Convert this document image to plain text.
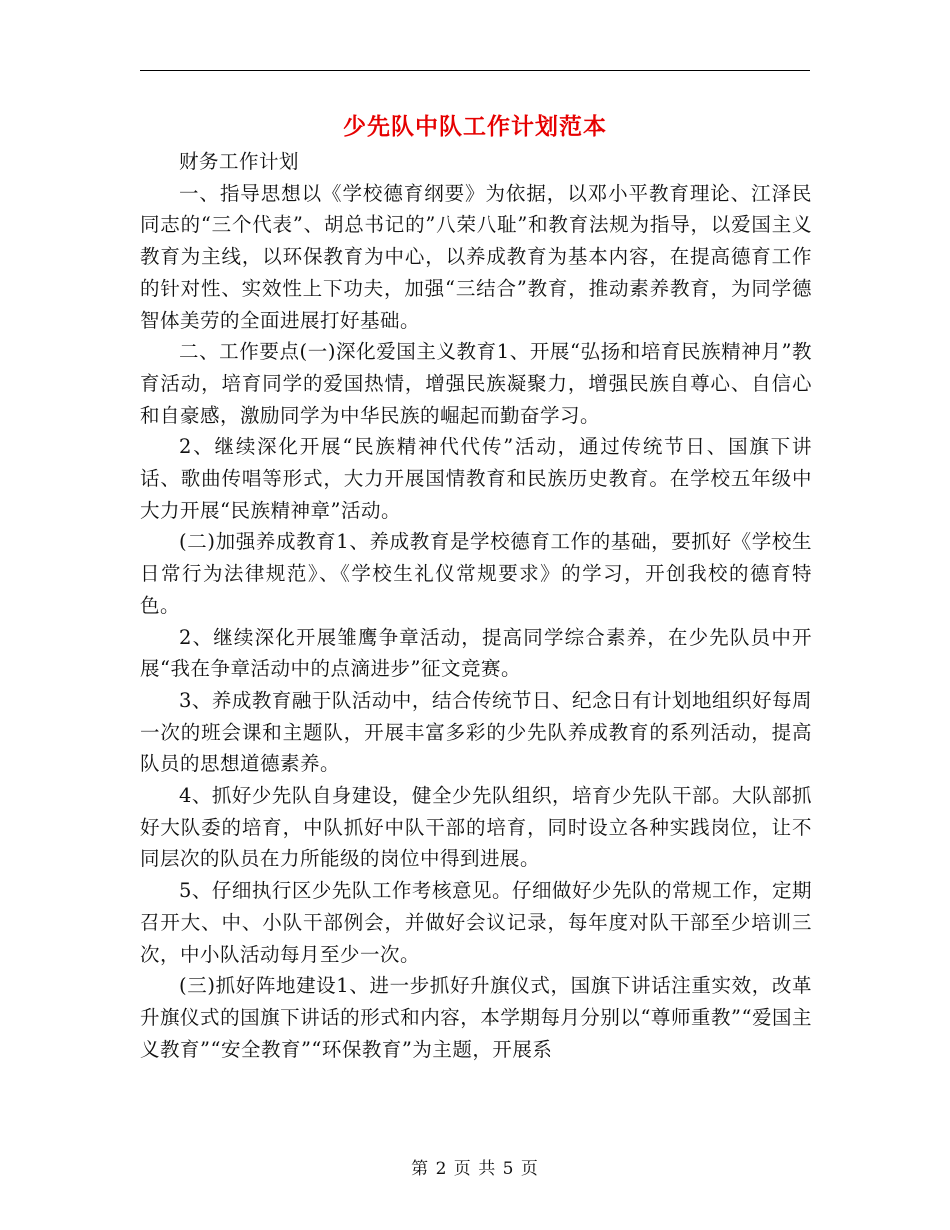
少先队中队工作计划范本

财务工作计划

一、指导思想以《学校德育纲要》为依据，以邓小平教育理论、江泽民同志的“三个代表”、胡总书记的”八荣八耻”和教育法规为指导，以爱国主义教育为主线，以环保教育为中心，以养成教育为基本内容，在提高德育工作的针对性、实效性上下功夫，加强“三结合”教育，推动素养教育，为同学德智体美劳的全面进展打好基础。

二、工作要点(一)深化爱国主义教育1、开展“弘扬和培育民族精神月”教育活动，培育同学的爱国热情，增强民族凝聚力，增强民族自尊心、自信心和自豪感，激励同学为中华民族的崛起而勤奋学习。

2、继续深化开展“民族精神代代传”活动，通过传统节日、国旗下讲话、歌曲传唱等形式，大力开展国情教育和民族历史教育。在学校五年级中大力开展“民族精神章”活动。

(二)加强养成教育1、养成教育是学校德育工作的基础，要抓好《学校生日常行为法律规范》、《学校生礼仪常规要求》的学习，开创我校的德育特色。

2、继续深化开展雏鹰争章活动，提高同学综合素养，在少先队员中开展“我在争章活动中的点滴进步”征文竞赛。

3、养成教育融于队活动中，结合传统节日、纪念日有计划地组织好每周一次的班会课和主题队，开展丰富多彩的少先队养成教育的系列活动，提高队员的思想道德素养。

4、抓好少先队自身建设，健全少先队组织，培育少先队干部。大队部抓好大队委的培育，中队抓好中队干部的培育，同时设立各种实践岗位，让不同层次的队员在力所能级的岗位中得到进展。

5、仔细执行区少先队工作考核意见。仔细做好少先队的常规工作，定期召开大、中、小队干部例会，并做好会议记录，每年度对队干部至少培训三次，中小队活动每月至少一次。

(三)抓好阵地建设1、进一步抓好升旗仪式，国旗下讲话注重实效，改革升旗仪式的国旗下讲话的形式和内容，本学期每月分别以“尊师重教”“爱国主义教育”“安全教育”“环保教育”为主题，开展系

第 2 页 共 5 页
